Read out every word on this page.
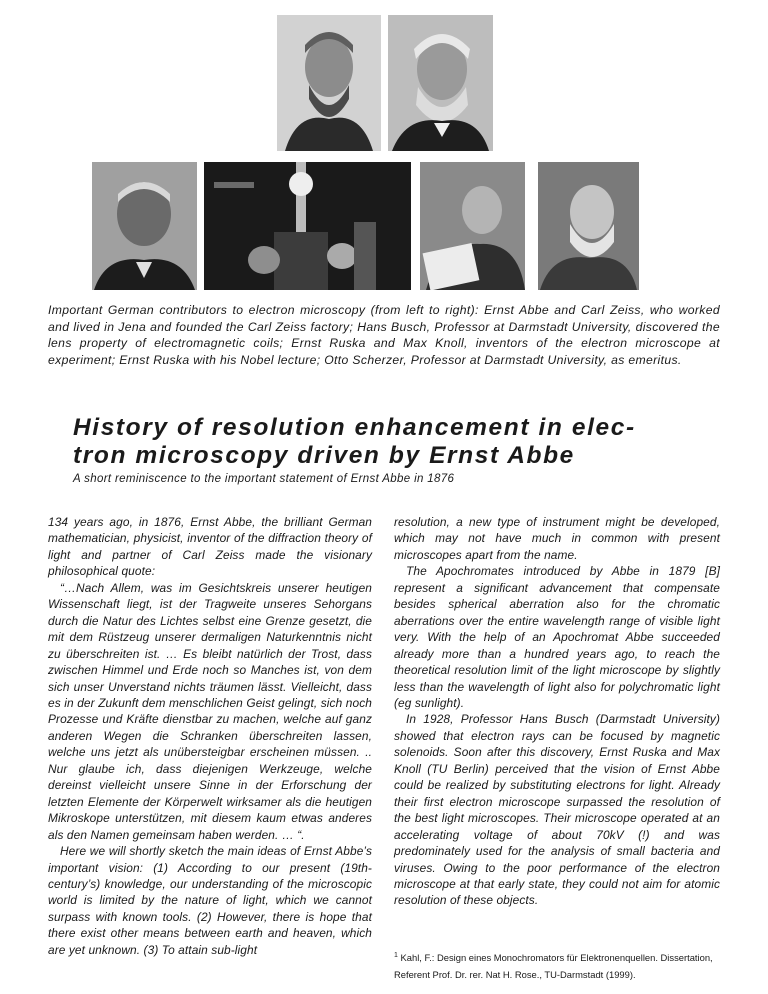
Important German contributors to electron microscopy (from left to right): Ernst Abbe and Carl Zeiss, who worked and lived in Jena and founded the Carl Zeiss factory; Hans Busch, Professor at Darmstadt University, discovered the lens property of electromagnetic coils; Ernst Ruska and Max Knoll, inventors of the electron microscope at experiment; Ernst Ruska with his Nobel lecture; Otto Scherzer, Professor at Darmstadt University, as emeritus.
History of resolution enhancement in elec-
tron microscopy driven by Ernst Abbe
A short reminiscence to the important statement of Ernst Abbe in 1876

134 years ago, in 1876, Ernst Abbe, the brilliant German mathematician, physicist, inventor of the diffraction theory of light and partner of Carl Zeiss made the visionary philosophical quote:

“…Nach Allem, was im Gesichtskreis unserer heutigen Wissenschaft liegt, ist der Tragweite unseres Sehorgans durch die Natur des Lichtes selbst eine Grenze gesetzt, die mit dem Rüstzeug unserer dermaligen Naturkenntnis nicht zu überschreiten ist. … Es bleibt natürlich der Trost, dass zwischen Himmel und Erde noch so Manches ist, von dem sich unser Unverstand nichts träumen lässt. Vielleicht, dass es in der Zukunft dem menschlichen Geist gelingt, sich noch Prozesse und Kräfte dienstbar zu machen, welche auf ganz anderen Wegen die Schranken überschreiten lassen, welche uns jetzt als unübersteigbar erscheinen müssen. .. Nur glaube ich, dass diejenigen Werkzeuge, welche dereinst vielleicht unsere Sinne in der Erforschung der letzten Elemente der Körperwelt wirksamer als die heutigen Mikroskope unterstützen, mit diesem kaum etwas anderes als den Namen gemeinsam haben werden. … “.

Here we will shortly sketch the main ideas of Ernst Abbe’s important vision: (1) According to our present (19th-century’s) knowledge, our understanding of the microscopic world is limited by the nature of light, which we cannot surpass with known tools. (2) However, there is hope that there exist other means between earth and heaven, which are yet unknown. (3) To attain sub-light

resolution, a new type of instrument might be developed, which may not have much in common with present microscopes apart from the name.

The Apochromates introduced by Abbe in 1879 [B] represent a significant advancement that compensate besides spherical aberration also for the chromatic aberrations over the entire wavelength range of visible light very. With the help of an Apochromat Abbe succeeded already more than a hundred years ago, to reach the theoretical resolution limit of the light microscope by slightly less than the wavelength of light also for polychromatic light (eg sunlight).

In 1928, Professor Hans Busch (Darmstadt University) showed that electron rays can be focused by magnetic solenoids. Soon after this discovery, Ernst Ruska and Max Knoll (TU Berlin) perceived that the vision of Ernst Abbe could be realized by substituting electrons for light. Already their first electron microscope surpassed the resolution of the best light microscopes. Their microscope operated at an accelerating voltage of about 70kV (!) and was predominately used for the analysis of small bacteria and viruses. Owing to the poor performance of the electron microscope at that early state, they could not aim for atomic resolution of these objects.

$^1$ Kahl, F.: Design eines Monochromators für Elektronenquellen. Dissertation, Referent Prof. Dr. rer. Nat H. Rose., TU-Darmstadt (1999).
